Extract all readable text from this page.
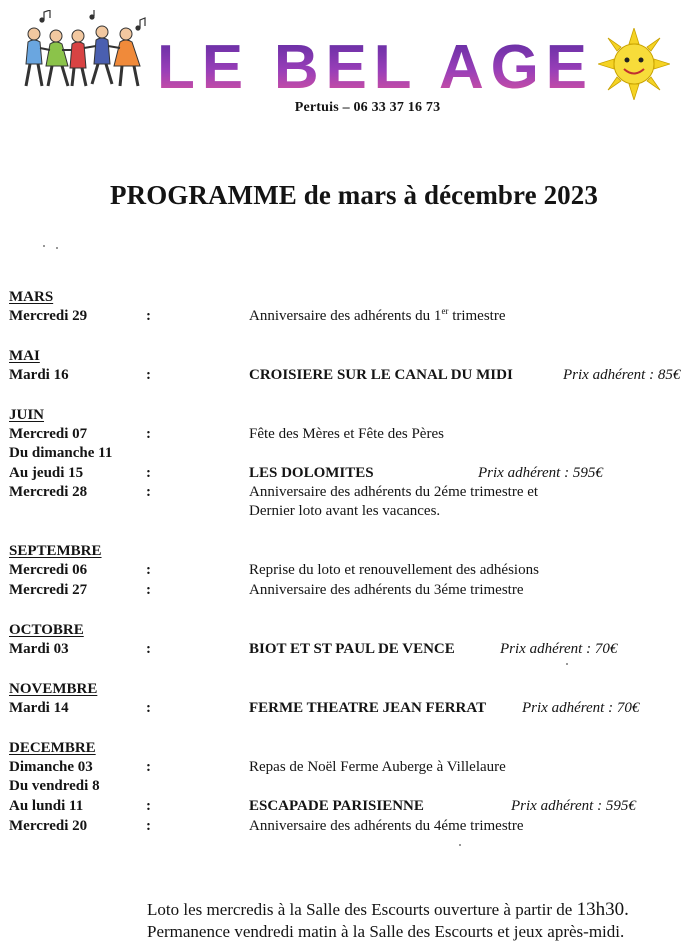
LE BEL AGE
Pertuis – 06 33 37 16 73
PROGRAMME de mars à décembre 2023
MARS
Mercredi 29	:	Anniversaire des adhérents du 1er trimestre
MAI
Mardi 16	:	CROISIERE SUR LE CANAL DU MIDI	Prix adhérent : 85€
JUIN
Mercredi 07	:	Fête des Mères et Fête des Pères
Du dimanche 11
Au jeudi 15	:	LES DOLOMITES	Prix adhérent : 595€
Mercredi 28	:	Anniversaire des adhérents du 2éme trimestre et
Dernier loto avant les vacances.
SEPTEMBRE
Mercredi 06	:	Reprise du loto et renouvellement des adhésions
Mercredi 27	:	Anniversaire des adhérents du 3éme trimestre
OCTOBRE
Mardi 03	:	BIOT ET ST PAUL DE VENCE	Prix adhérent : 70€
NOVEMBRE
Mardi 14	:	FERME THEATRE JEAN FERRAT Prix adhérent : 70€
DECEMBRE
Dimanche 03	:	Repas de Noël Ferme Auberge à Villelaure
Du vendredi 8
Au lundi 11	:	ESCAPADE PARISIENNE	Prix adhérent : 595€
Mercredi 20	:	Anniversaire des adhérents du 4éme trimestre
Loto les mercredis à la Salle des Escourts ouverture à partir de 13h30.
Permanence vendredi matin à la Salle des Escourts et jeux après-midi.
